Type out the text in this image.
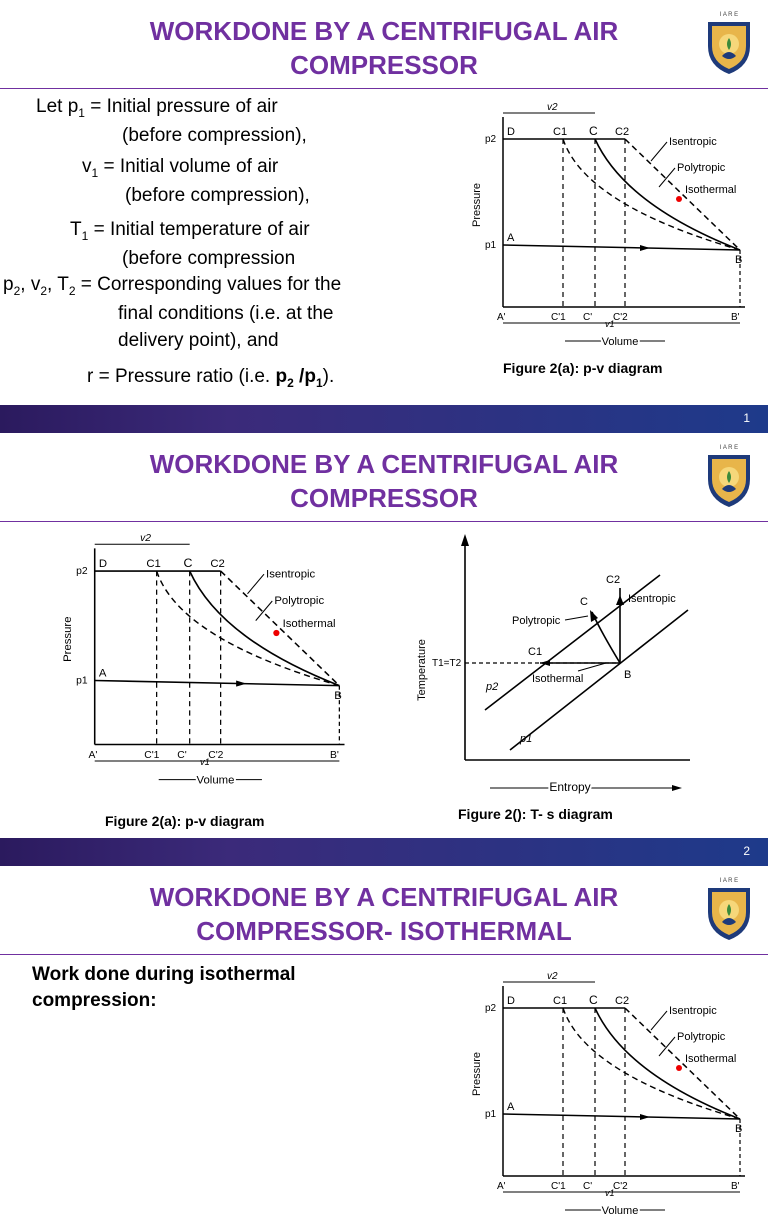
WORKDONE BY A CENTRIFUGAL AIR
COMPRESSOR
I A R E
Let $p_1$ = Initial pressure of air
(before compression),
$v_1$ = Initial volume of air
(before compression),
$T_1$ = Initial temperature of air
(before compression
$p_2$, $v_2$, $T_2$ = Corresponding values for the
final conditions (i.e. at the
delivery point), and
r = Pressure ratio (i.e. $p_2$ $/p_1$).
Pressure
v2
v1
Volume
p2
p1
D	C1 C C2
A
B
A'	C'1 C' C'2	B'
Isentropic
Polytropic
Isothermal
Figure 2(a): p-v diagram
1
WORKDONE BY A CENTRIFUGAL AIR
COMPRESSOR
I A R E
Pressure
v2
v1
Volume
p2
p1
D	C1 C C2
A
B
A'	C'1 C' C'2	B'
Isentropic
Polytropic
Isothermal
Figure 2(a): p-v diagram
Temperature
Entropy
p2
p1
T1=T2
C2
C
C1
B
Isentropic
Polytropic
Isothermal
Figure 2(): T- s diagram
2
WORKDONE BY A CENTRIFUGAL AIR
COMPRESSOR- ISOTHERMAL
I A R E
Work done during isothermal
compression:
Pressure
v2
v1
Volume
p2
p1
D	C1 C C2
A
B
A'	C'1 C' C'2	B'
Isentropic
Polytropic
Isothermal
